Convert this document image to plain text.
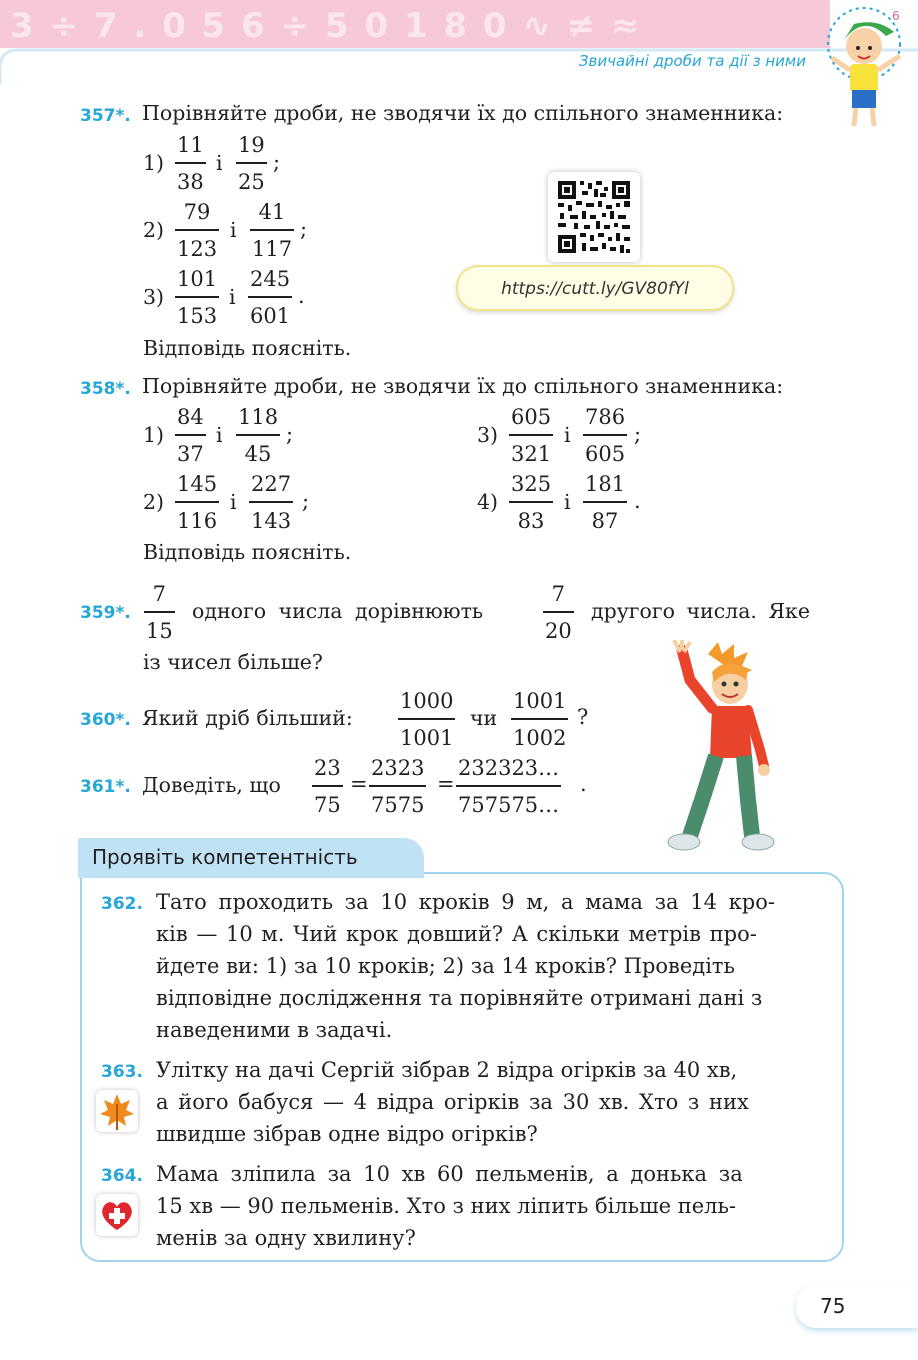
3 ÷ 7 . 0 5 6 ÷ 5 0 1 8 0 ∿ ≠ ≈
Звичайні дроби та дії з ними
6
357*. Порівняйте дроби, не зводячи їх до спільного знаменника:
1)
11
38
і
19
25
;
2)
79
123
і
41
117
;
3)
101
153
і
245
601
.
Відповідь поясніть.
https://cutt.ly/GV80fYl
358*. Порівняйте дроби, не зводячи їх до спільного знаменника:
1)
84
37
і
118
45
;
2)
145
116
і
227
143
;
3)
605
321
і
786
605
;
4)
325
83
і
181
87
.
Відповідь поясніть.
359*.
7
15
одного числа дорівнюють
7
20
другого числа. Яке
із чисел більше?
360*. Який дріб більший:
1000
1001
чи
1001
1002
?
361*. Доведіть, що
23
75
=
2323
7575
=
232323…
757575…
.
Проявіть компетентність
362. Тато проходить за 10 кроків 9 м, а мама за 14 кро-
ків — 10 м. Чий крок довший? А скільки метрів про-
йдете ви: 1) за 10 кроків; 2) за 14 кроків? Проведіть
відповідне дослідження та порівняйте отримані дані з
наведеними в задачі.
363. Улітку на дачі Сергій зібрав 2 відра огірків за 40 хв,
а його бабуся — 4 відра огірків за 30 хв. Хто з них
швидше зібрав одне відро огірків?
364. Мама зліпила за 10 хв 60 пельменів, а донька за
15 хв — 90 пельменів. Хто з них ліпить більше пель-
менів за одну хвилину?
75
